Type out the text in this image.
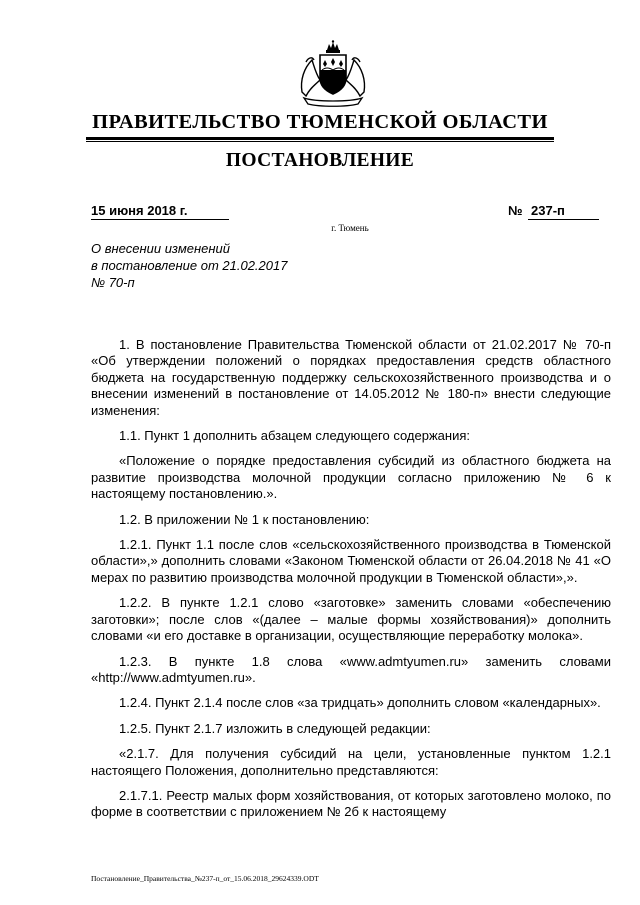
ПРАВИТЕЛЬСТВО ТЮМЕНСКОЙ ОБЛАСТИ
ПОСТАНОВЛЕНИЕ
15 июня 2018 г.	№ 237-п
г. Тюмень
О внесении изменений
в постановление от 21.02.2017
№ 70-п

1. В постановление Правительства Тюменской области от 21.02.2017 № 70-п «Об утверждении положений о порядках предоставления средств областного бюджета на государственную поддержку сельскохозяйственного производства и о внесении изменений в постановление от 14.05.2012 № 180-п» внести следующие изменения:

1.1. Пункт 1 дополнить абзацем следующего содержания:

«Положение о порядке предоставления субсидий из областного бюджета на развитие производства молочной продукции согласно приложению № 6 к настоящему постановлению.».

1.2. В приложении № 1 к постановлению:

1.2.1. Пункт 1.1 после слов «сельскохозяйственного производства в Тюменской области»,» дополнить словами «Законом Тюменской области от 26.04.2018 № 41 «О мерах по развитию производства молочной продукции в Тюменской области»,».

1.2.2. В пункте 1.2.1 слово «заготовке» заменить словами «обеспечению заготовки»; после слов «(далее – малые формы хозяйствования)» дополнить словами «и его доставке в организации, осуществляющие переработку молока».

1.2.3. В пункте 1.8 слова «www.admtyumen.ru» заменить словами «http://www.admtyumen.ru».

1.2.4. Пункт 2.1.4 после слов «за тридцать» дополнить словом «календарных».

1.2.5. Пункт 2.1.7 изложить в следующей редакции:

«2.1.7. Для получения субсидий на цели, установленные пунктом 1.2.1 настоящего Положения, дополнительно представляются:

2.1.7.1. Реестр малых форм хозяйствования, от которых заготовлено молоко, по форме в соответствии с приложением № 2б к настоящему

Постановление_Правительства_№237-п_от_15.06.2018_29624339.ODT
